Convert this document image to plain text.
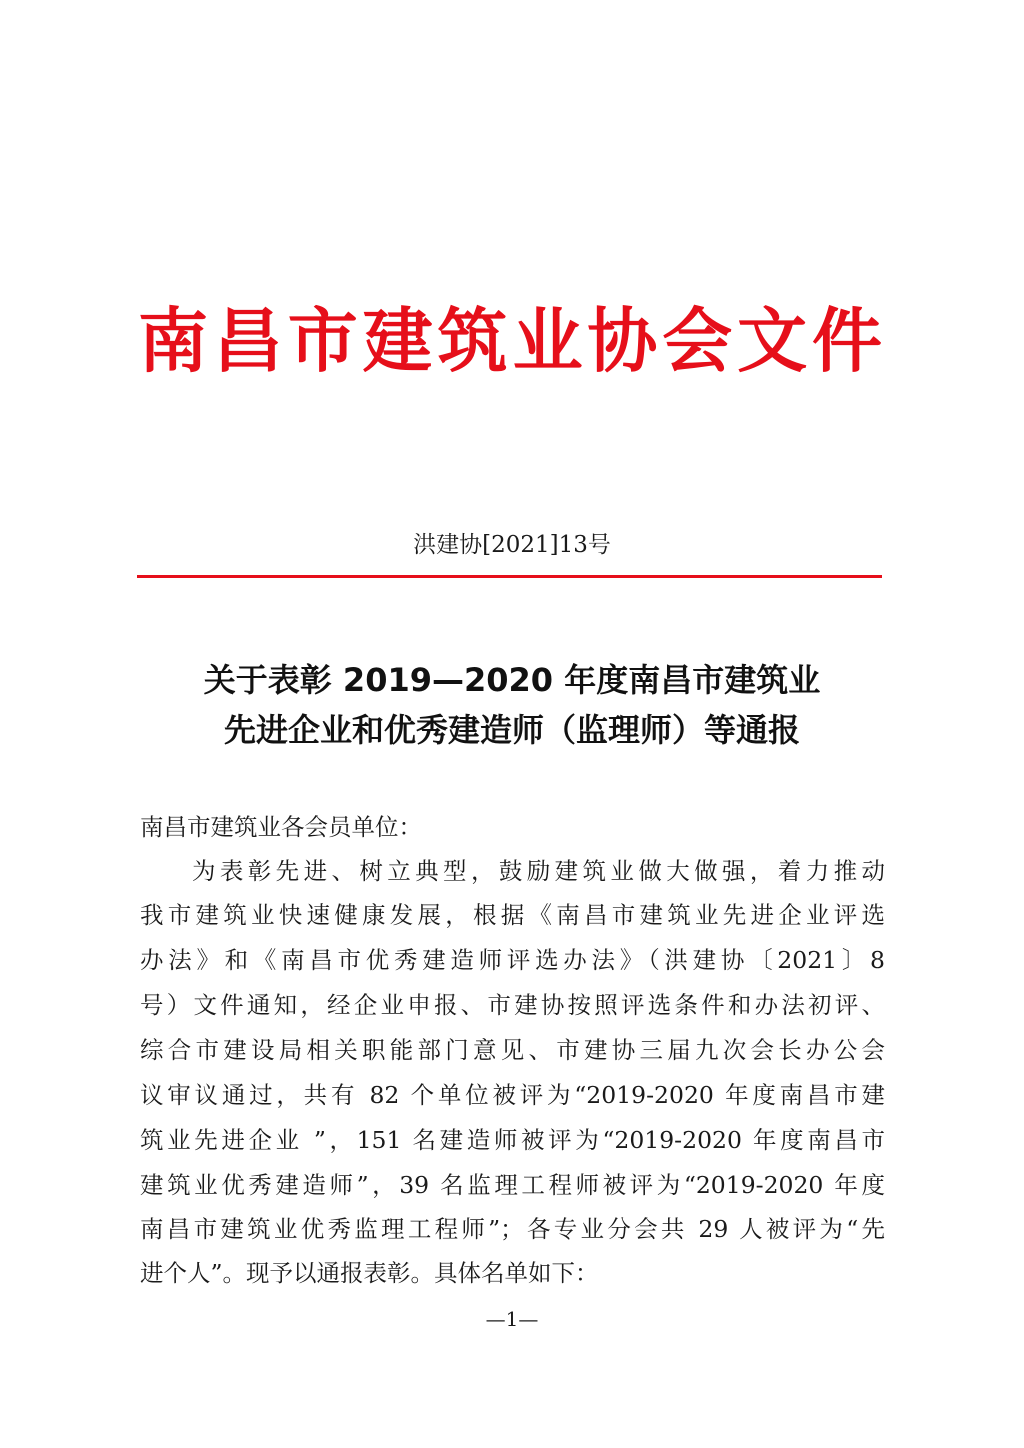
南昌市建筑业协会文件
洪建协[2021]13号
关于表彰 2019—2020 年度南昌市建筑业
先进企业和优秀建造师（监理师）等通报
南昌市建筑业各会员单位：
为表彰先进、树立典型，鼓励建筑业做大做强，着力推动
我市建筑业快速健康发展，根据《南昌市建筑业先进企业评选
办法》和《南昌市优秀建造师评选办法》（洪建协〔2021〕8
号）文件通知，经企业申报、市建协按照评选条件和办法初评、
综合市建设局相关职能部门意见、市建协三届九次会长办公会
议审议通过，共有 82 个单位被评为“2019-2020 年度南昌市建
筑业先进企业 ”，151 名建造师被评为“2019-2020 年度南昌市
建筑业优秀建造师”，39 名监理工程师被评为“2019-2020 年度
南昌市建筑业优秀监理工程师”；各专业分会共 29 人被评为“先
进个人”。现予以通报表彰。具体名单如下：
—1—
